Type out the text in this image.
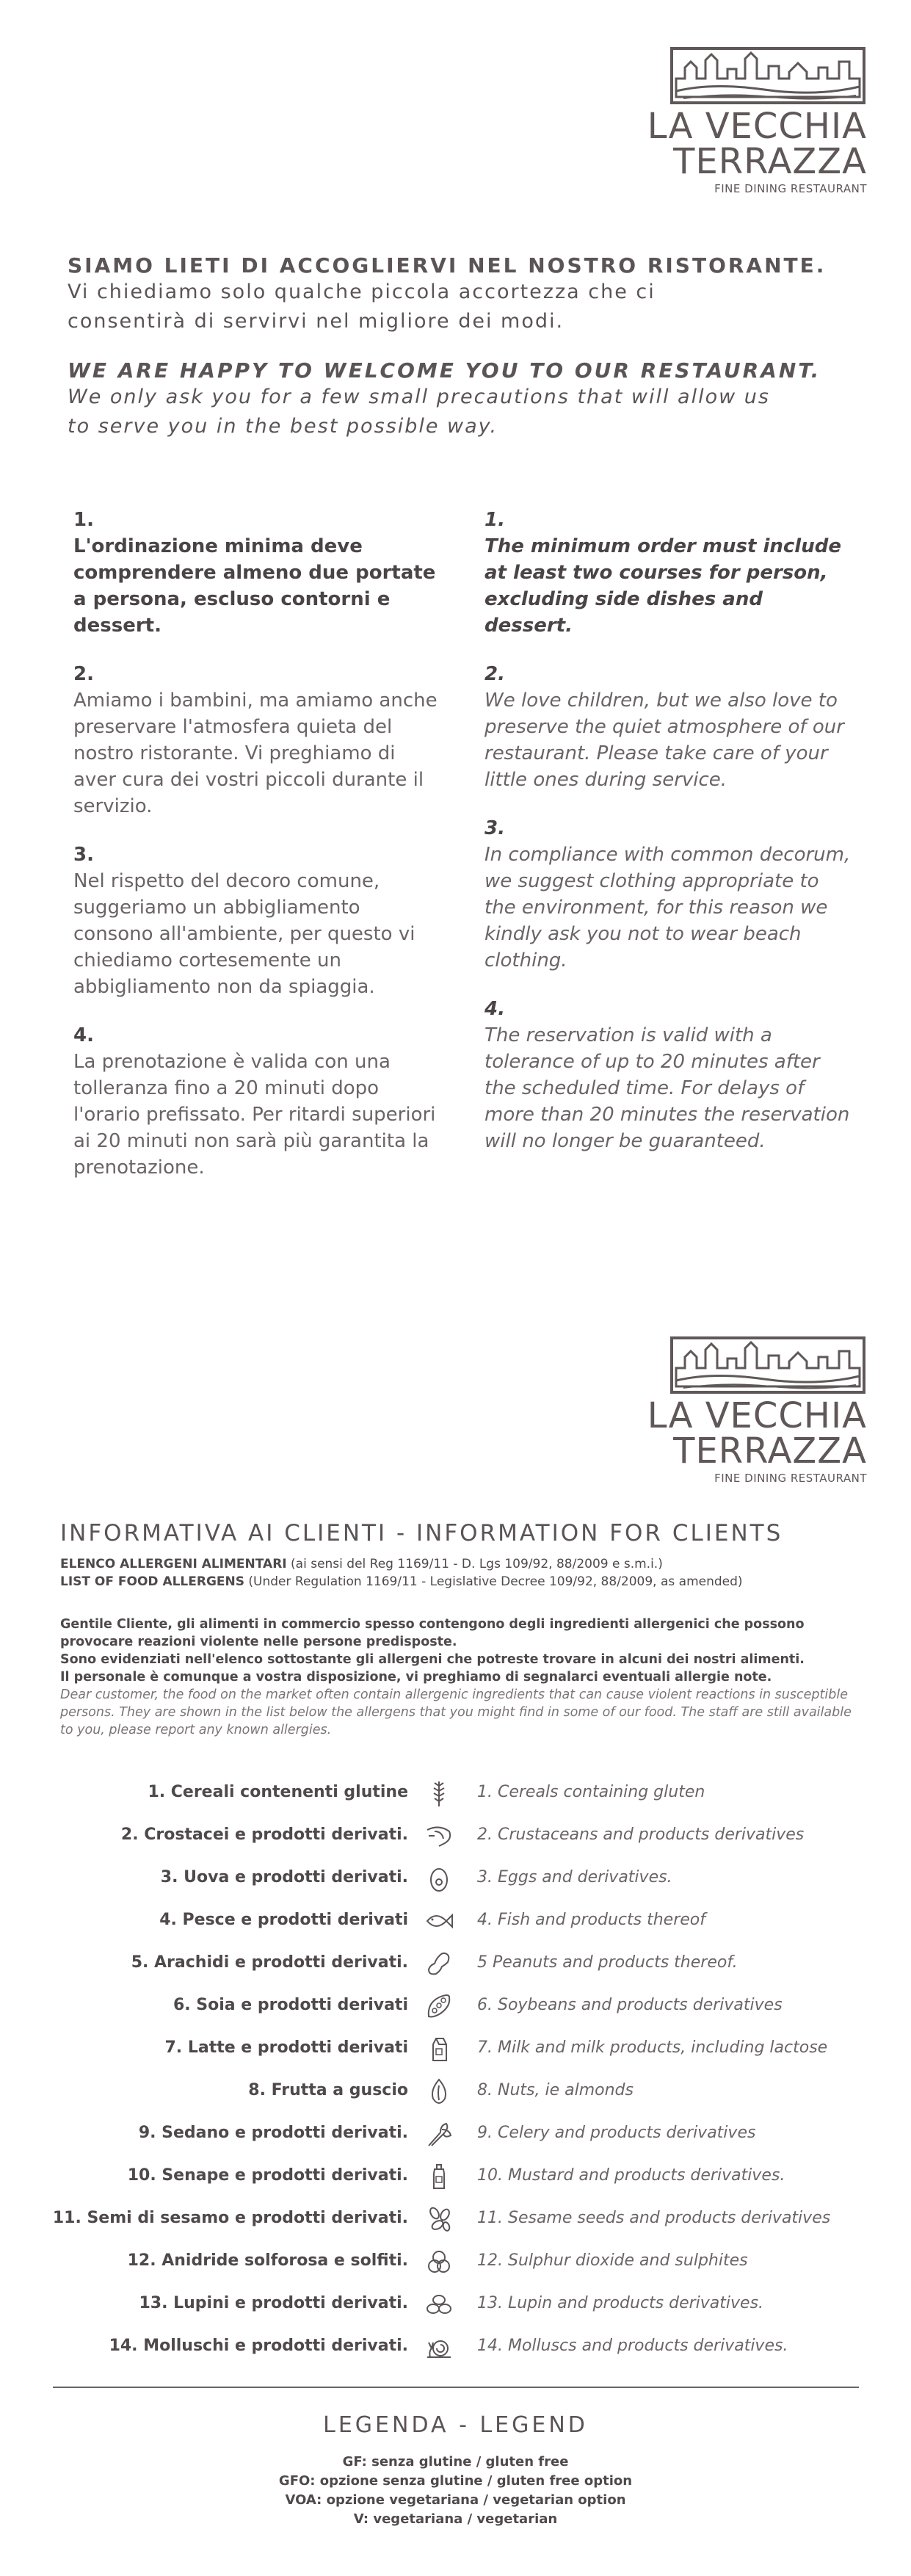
LA VECCHIA
TERRAZZA
FINE DINING RESTAURANT
SIAMO LIETI DI ACCOGLIERVI NEL NOSTRO RISTORANTE.
Vi chiediamo solo qualche piccola accortezza che ci
consentirà di servirvi nel migliore dei modi.
WE ARE HAPPY TO WELCOME YOU TO OUR RESTAURANT.
We only ask you for a few small precautions that will allow us
to serve you in the best possible way.
1.
L'ordinazione minima deve comprendere almeno due portate a persona, escluso contorni e dessert.
2.
Amiamo i bambini, ma amiamo anche preservare l'atmosfera quieta del nostro ristorante. Vi preghiamo di aver cura dei vostri piccoli durante il servizio.
3.
Nel rispetto del decoro comune, suggeriamo un abbigliamento consono all'ambiente, per questo vi chiediamo cortesemente un abbigliamento non da spiaggia.
4.
La prenotazione è valida con una tolleranza fino a 20 minuti dopo l'orario prefissato. Per ritardi superiori ai 20 minuti non sarà più garantita la prenotazione.
1.
The minimum order must include at least two courses for person, excluding side dishes and dessert.
2.
We love children, but we also love to preserve the quiet atmosphere of our restaurant. Please take care of your little ones during service.
3.
In compliance with common decorum, we suggest clothing appropriate to the environment, for this reason we kindly ask you not to wear beach clothing.
4.
The reservation is valid with a tolerance of up to 20 minutes after the scheduled time. For delays of more than 20 minutes the reservation will no longer be guaranteed.
LA VECCHIA
TERRAZZA
FINE DINING RESTAURANT
INFORMATIVA AI CLIENTI - INFORMATION FOR CLIENTS
ELENCO ALLERGENI ALIMENTARI (ai sensi del Reg 1169/11 - D. Lgs 109/92, 88/2009 e s.m.i.)
LIST OF FOOD ALLERGENS (Under Regulation 1169/11 - Legislative Decree 109/92, 88/2009, as amended)
Gentile Cliente, gli alimenti in commercio spesso contengono degli ingredienti allergenici che possono provocare reazioni violente nelle persone predisposte.
Sono evidenziati nell'elenco sottostante gli allergeni che potreste trovare in alcuni dei nostri alimenti.
Il personale è comunque a vostra disposizione, vi preghiamo di segnalarci eventuali allergie note.
Dear customer, the food on the market often contain allergenic ingredients that can cause violent reactions in susceptible persons. They are shown in the list below the allergens that you might find in some of our food. The staff are still available to you, please report any known allergies.
1. Cereali contenenti glutine	1. Cereals containing gluten
2. Crostacei e prodotti derivati.	2. Crustaceans and products derivatives
3. Uova e prodotti derivati.	3. Eggs and derivatives.
4. Pesce e prodotti derivati	4. Fish and products thereof
5. Arachidi e prodotti derivati.	5 Peanuts and products thereof.
6. Soia e prodotti derivati	6. Soybeans and products derivatives
7. Latte e prodotti derivati	7. Milk and milk products, including lactose
8. Frutta a guscio	8. Nuts, ie almonds
9. Sedano e prodotti derivati.	9. Celery and products derivatives
10. Senape e prodotti derivati.	10. Mustard and products derivatives.
11. Semi di sesamo e prodotti derivati.	11. Sesame seeds and products derivatives
12. Anidride solforosa e solfiti.	12. Sulphur dioxide and sulphites
13. Lupini e prodotti derivati.	13. Lupin and products derivatives.
14. Molluschi e prodotti derivati.	14. Molluscs and products derivatives.
LEGENDA - LEGEND
GF: senza glutine / gluten free
GFO: opzione senza glutine / gluten free option
VOA: opzione vegetariana / vegetarian option
V: vegetariana / vegetarian
